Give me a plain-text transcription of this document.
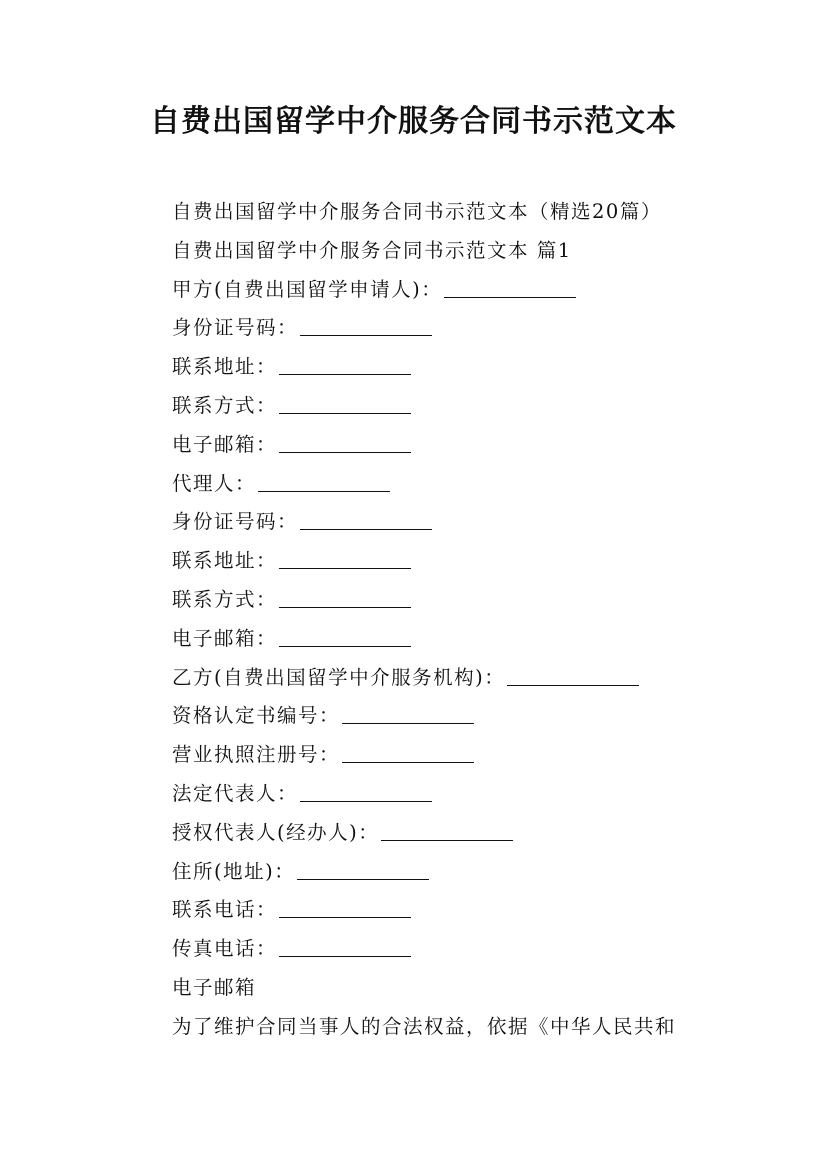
自费出国留学中介服务合同书示范文本
自费出国留学中介服务合同书示范文本（精选20篇）
自费出国留学中介服务合同书示范文本 篇1
甲方(自费出国留学申请人)：
身份证号码：
联系地址：
联系方式：
电子邮箱：
代理人：
身份证号码：
联系地址：
联系方式：
电子邮箱：
乙方(自费出国留学中介服务机构)：
资格认定书编号：
营业执照注册号：
法定代表人：
授权代表人(经办人)：
住所(地址)：
联系电话：
传真电话：
电子邮箱
为了维护合同当事人的合法权益，依据《中华人民共和
